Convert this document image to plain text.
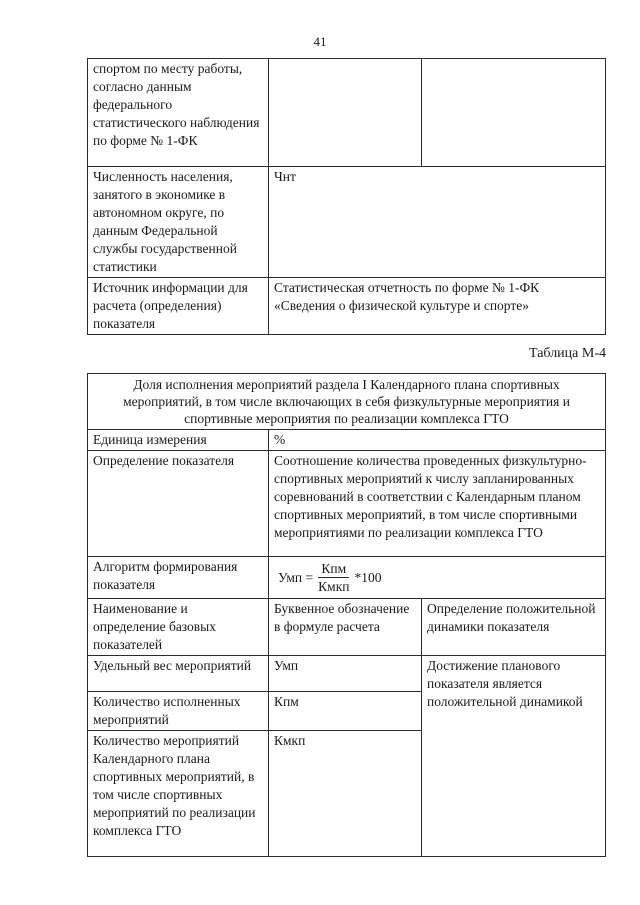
41
спортом по месту работы, согласно данным федерального статистического наблюдения по форме № 1-ФК		
Численность населения, занятого в экономике в автономном округе, по данным Федеральной службы государственной статистики	Чнт	
Источник информации для расчета (определения) показателя	Статистическая отчетность по форме № 1-ФК «Сведения о физической культуре и спорте»	
Таблица М-4
Доля исполнения мероприятий раздела I Календарного плана спортивных мероприятий, в том числе включающих в себя физкультурные мероприятия и спортивные мероприятия по реализации комплекса ГТО		
Единица измерения	%	
Определение показателя	Соотношение количества проведенных физкультурно-спортивных мероприятий к числу запланированных соревнований в соответствии с Календарным планом спортивных мероприятий, в том числе спортивными мероприятиями по реализации комплекса ГТО	
Алгоритм формирования показателя	Умп = $\frac{\text{Кпм}}{\text{Кмкп}} *100$	

Наименование и определение базовых показателей	Буквенное обозначение в формуле расчета	Определение положительной динамики показателя
Удельный вес мероприятий	Умп	Достижение планового показателя является положительной динамикой
Количество исполненных мероприятий	Кпм	
Количество мероприятий Календарного плана спортивных мероприятий, в том числе спортивных мероприятий по реализации комплекса ГТО	Кмкп	
